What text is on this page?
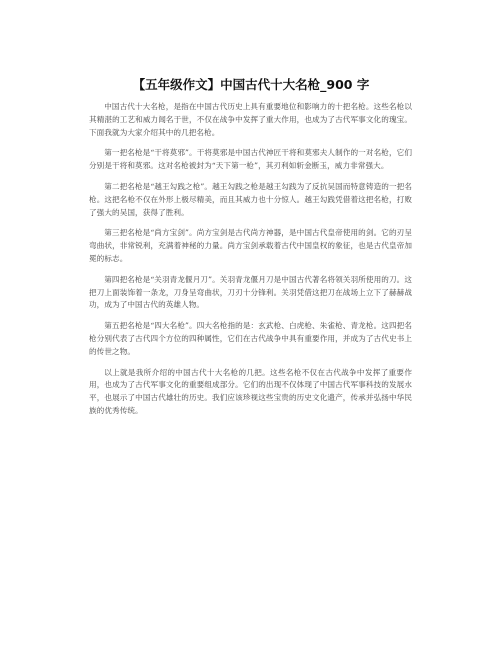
【五年级作文】中国古代十大名枪_900 字

中国古代十大名枪，是指在中国古代历史上具有重要地位和影响力的十把名枪。这些名枪以其精湛的工艺和威力闻名于世，不仅在战争中发挥了重大作用，也成为了古代军事文化的瑰宝。下面我就为大家介绍其中的几把名枪。

第一把名枪是“干将莫邪”。干将莫邪是中国古代神匠干将和莫邪夫人制作的一对名枪，它们分别是干将和莫邪。这对名枪被封为“天下第一枪”，其刃利如斩金断玉，威力非常强大。

第二把名枪是“越王勾践之枪”。越王勾践之枪是越王勾践为了反抗吴国而特意铸造的一把名枪。这把名枪不仅在外形上极尽精美，而且其威力也十分惊人。越王勾践凭借着这把名枪，打败了强大的吴国，获得了胜利。

第三把名枪是“尚方宝剑”。尚方宝剑是古代尚方神器，是中国古代皇帝使用的剑。它的刃呈弯曲状，非常锐利，充满着神秘的力量。尚方宝剑承载着古代中国皇权的象征，也是古代皇帝加冕的标志。

第四把名枪是“关羽青龙偃月刀”。关羽青龙偃月刀是中国古代著名将领关羽所使用的刀。这把刀上面装饰着一条龙，刀身呈弯曲状，刀刃十分锋利。关羽凭借这把刀在战场上立下了赫赫战功，成为了中国古代的英雄人物。

第五把名枪是“四大名枪”。四大名枪指的是：玄武枪、白虎枪、朱雀枪、青龙枪。这四把名枪分别代表了古代四个方位的四种属性，它们在古代战争中具有重要作用，并成为了古代史书上的传世之物。

以上就是我所介绍的中国古代十大名枪的几把。这些名枪不仅在古代战争中发挥了重要作用，也成为了古代军事文化的重要组成部分。它们的出现不仅体现了中国古代军事科技的发展水平，也展示了中国古代雄壮的历史。我们应该珍视这些宝贵的历史文化遗产，传承并弘扬中华民族的优秀传统。
